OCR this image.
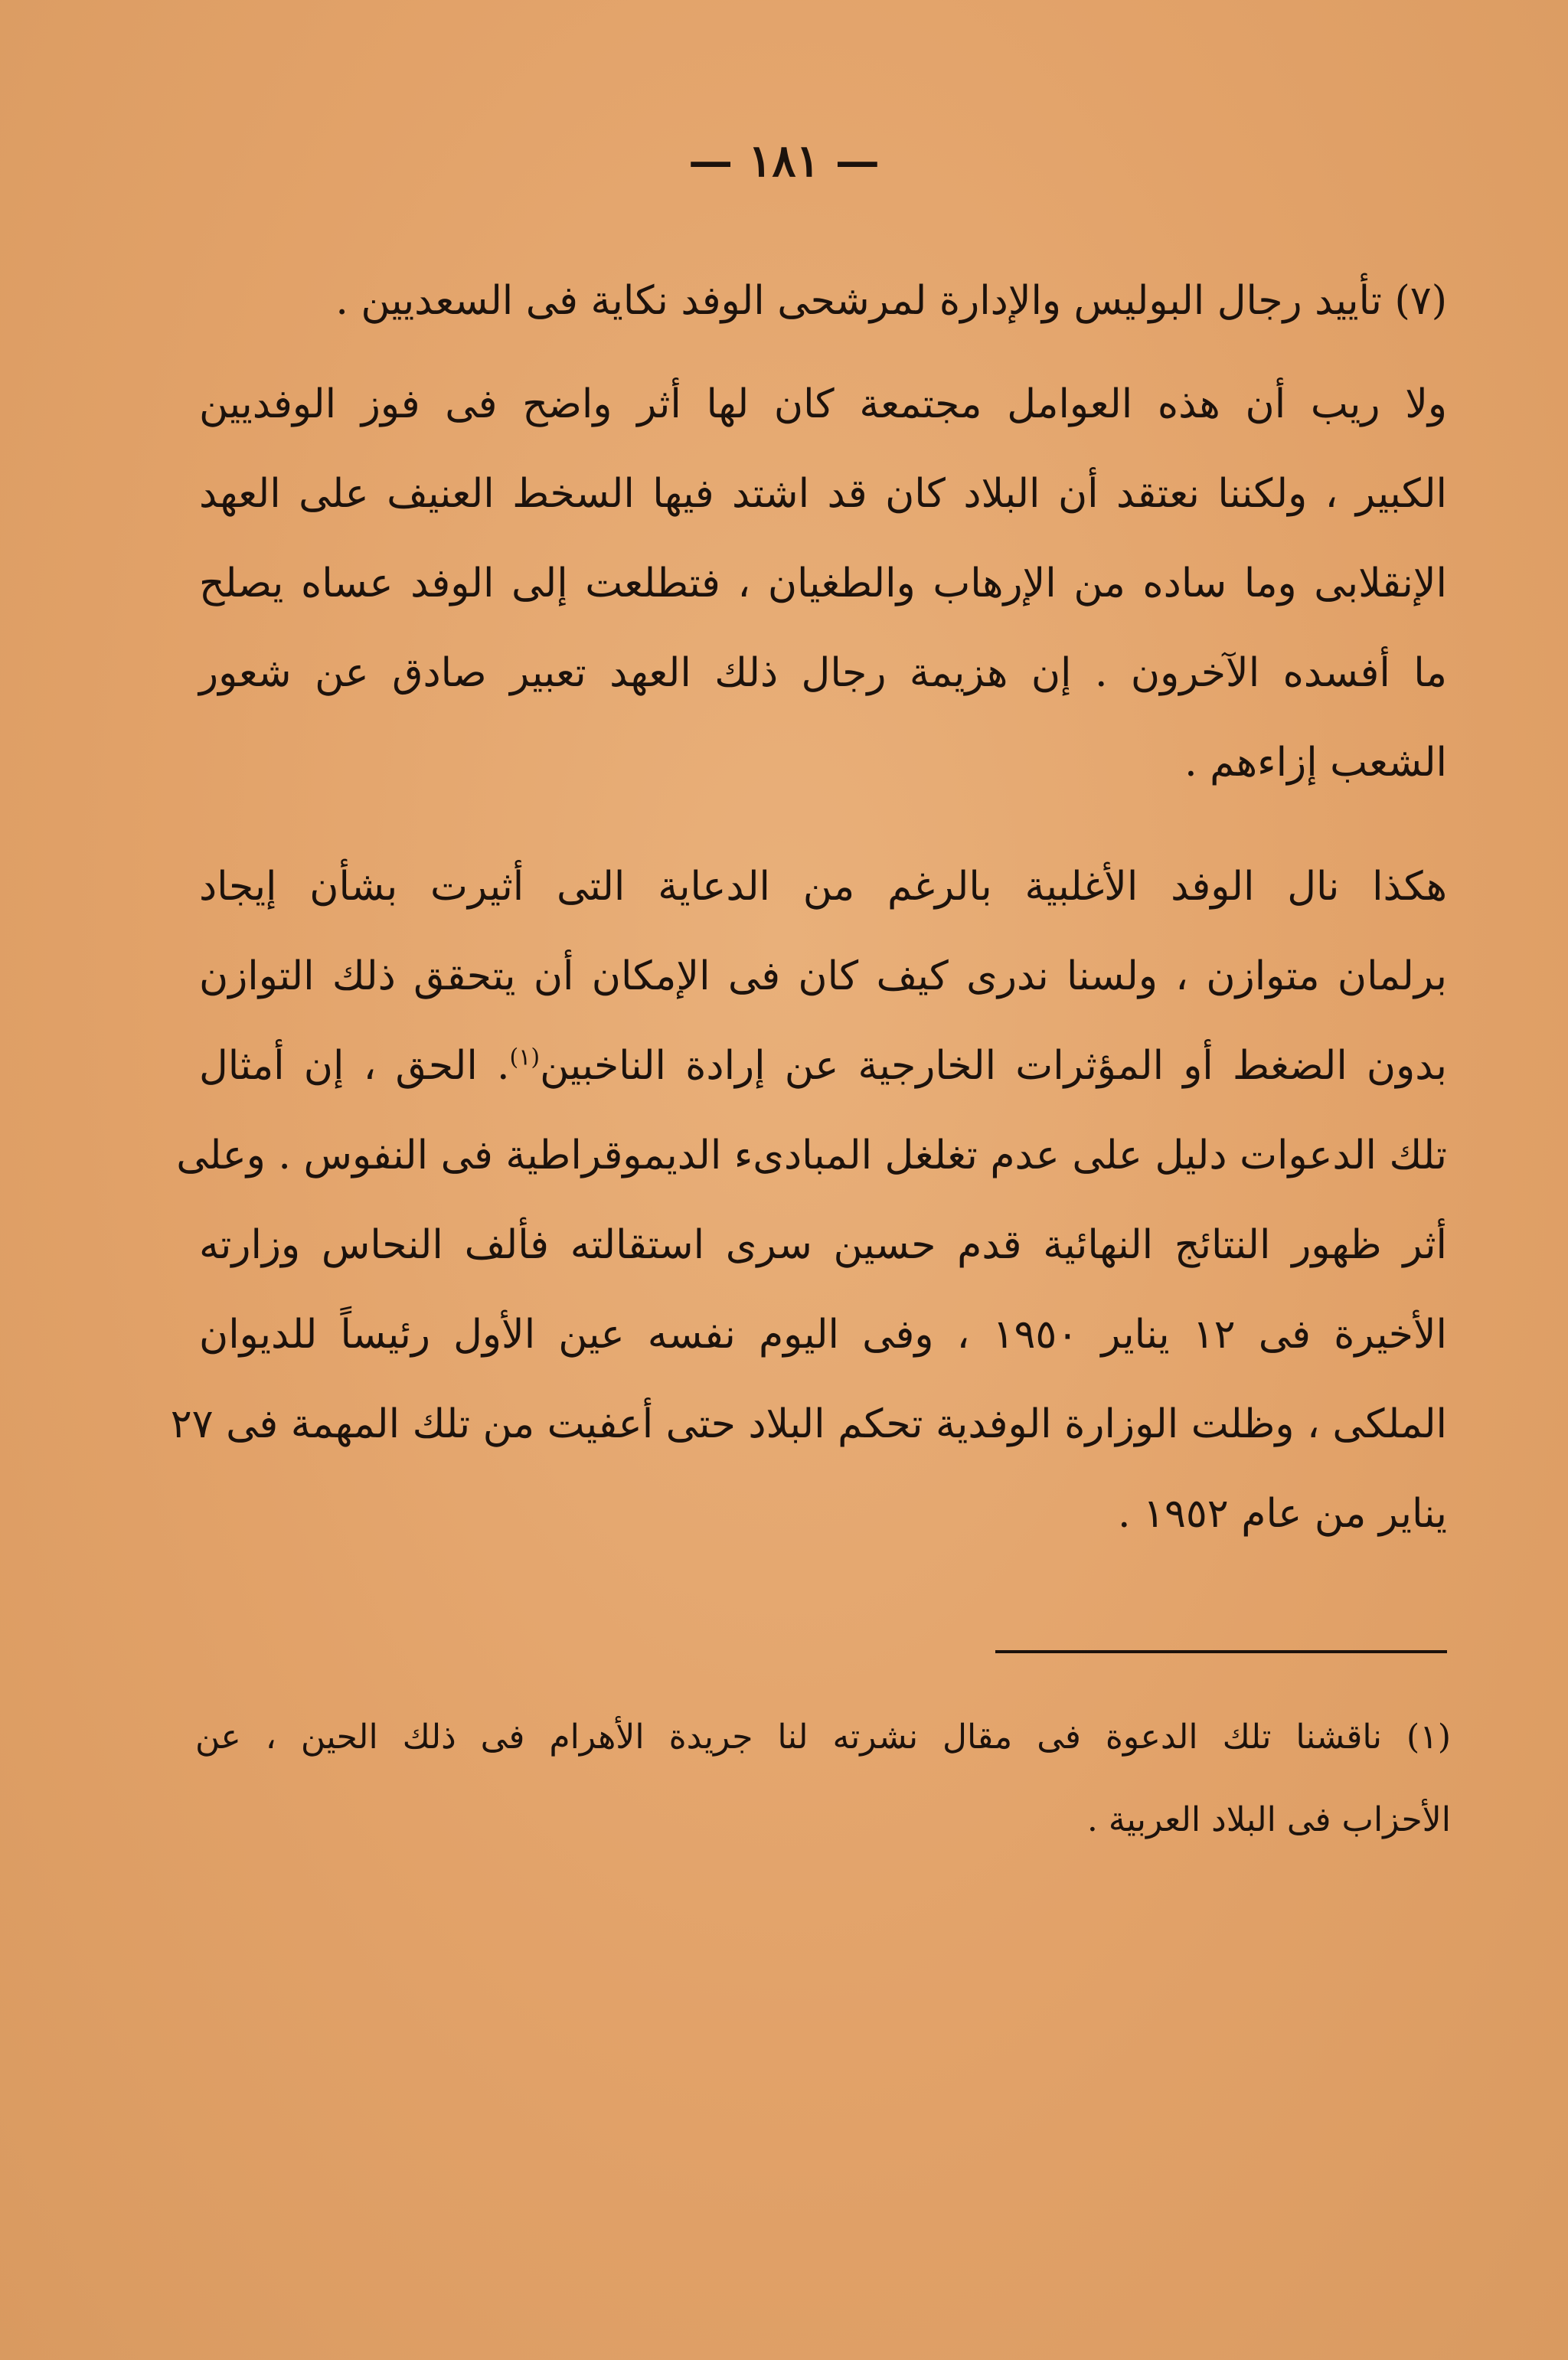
— ١٨١ —
(٧) تأييد رجال البوليس والإدارة لمرشحى الوفد نكاية فى السعديين .
ولا ريب أن هذه العوامل مجتمعة كان لها أثر واضح فى فوز الوفديين
الكبير ، ولكننا نعتقد أن البلاد كان قد اشتد فيها السخط العنيف على العهد
الإنقلابى وما ساده من الإرهاب والطغيان ، فتطلعت إلى الوفد عساه يصلح
ما أفسده الآخرون . إن هزيمة رجال ذلك العهد تعبير صادق عن شعور
الشعب إزاءهم .
هكذا نال الوفد الأغلبية بالرغم من الدعاية التى أثيرت بشأن إيجاد
برلمان متوازن ، ولسنا ندرى كيف كان فى الإمكان أن يتحقق ذلك التوازن
بدون الضغط أو المؤثرات الخارجية عن إرادة الناخبين$^{(١)}$. الحق ، إن أمثال
تلك الدعوات دليل على عدم تغلغل المبادىء الديموقراطية فى النفوس . وعلى
أثر ظهور النتائج النهائية قدم حسين سرى استقالته فألف النحاس وزارته
الأخيرة فى ١٢ يناير ١٩٥٠ ، وفى اليوم نفسه عين الأول رئيساً للديوان
الملكى ، وظلت الوزارة الوفدية تحكم البلاد حتى أعفيت من تلك المهمة فى ٢٧
يناير من عام ١٩٥٢ .
(١) ناقشنا تلك الدعوة فى مقال نشرته لنا جريدة الأهرام فى ذلك الحين ، عن
الأحزاب فى البلاد العربية .
